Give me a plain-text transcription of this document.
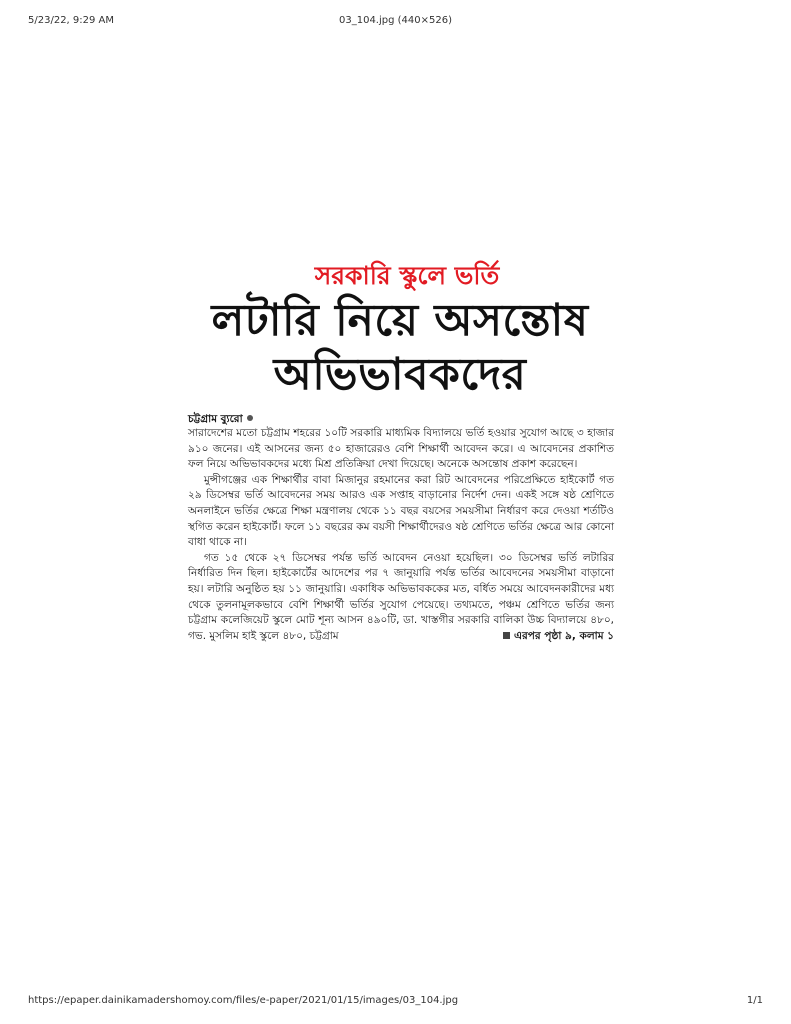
5/23/22, 9:29 AM	03_104.jpg (440×526)
সরকারি স্কুলে ভর্তি
লটারি নিয়ে অসন্তোষ
অভিভাবকদের
চট্টগ্রাম ব্যুরো

সারাদেশের মতো চট্টগ্রাম শহরের ১০টি সরকারি মাধ্যমিক বিদ্যালয়ে ভর্তি হওয়ার সুযোগ আছে ৩ হাজার ৯১০ জনের। এই আসনের জন্য ৫০ হাজারেরও বেশি শিক্ষার্থী আবেদন করে। এ আবেদনের প্রকাশিত ফল নিয়ে অভিভাবকদের মধ্যে মিশ্র প্রতিক্রিয়া দেখা দিয়েছে। অনেকে অসন্তোষ প্রকাশ করেছেন।

মুন্সীগঞ্জের এক শিক্ষার্থীর বাবা মিজানুর রহমানের করা রিট আবেদনের পরিপ্রেক্ষিতে হাইকোর্ট গত ২৯ ডিসেম্বর ভর্তি আবেদনের সময় আরও এক সপ্তাহ বাড়ানোর নির্দেশ দেন। একই সঙ্গে ষষ্ঠ শ্রেণিতে অনলাইনে ভর্তির ক্ষেত্রে শিক্ষা মন্ত্রণালয় থেকে ১১ বছর বয়সের সময়সীমা নির্ধারণ করে দেওয়া শর্তটিও স্থগিত করেন হাইকোর্ট। ফলে ১১ বছরের কম বয়সী শিক্ষার্থীদেরও ষষ্ঠ শ্রেণিতে ভর্তির ক্ষেত্রে আর কোনো বাধা থাকে না।

গত ১৫ থেকে ২৭ ডিসেম্বর পর্যন্ত ভর্তি আবেদন নেওয়া হয়েছিল। ৩০ ডিসেম্বর ভর্তি লটারির নির্ধারিত দিন ছিল। হাইকোর্টের আদেশের পর ৭ জানুয়ারি পর্যন্ত ভর্তির আবেদনের সময়সীমা বাড়ানো হয়। লটারি অনুষ্ঠিত হয় ১১ জানুয়ারি। একাধিক অভিভাবককের মত, বর্ধিত সময়ে আবেদনকারীদের মধ্য থেকে তুলনামূলকভাবে বেশি শিক্ষার্থী ভর্তির সুযোগ পেয়েছে। তথ্যমতে, পঞ্চম শ্রেণিতে ভর্তির জন্য চট্টগ্রাম কলেজিয়েট স্কুলে মোট শূন্য আসন ৪৯০টি, ডা. খাস্তগীর সরকারি বালিকা উচ্চ বিদ্যালয়ে ৪৮০, গভ. মুসলিম হাই স্কুলে ৪৮০, চট্টগ্রাম	এরপর পৃষ্ঠা ৯, কলাম ১
https://epaper.dainikamadershomoy.com/files/e-paper/2021/01/15/images/03_104.jpg	1/1
